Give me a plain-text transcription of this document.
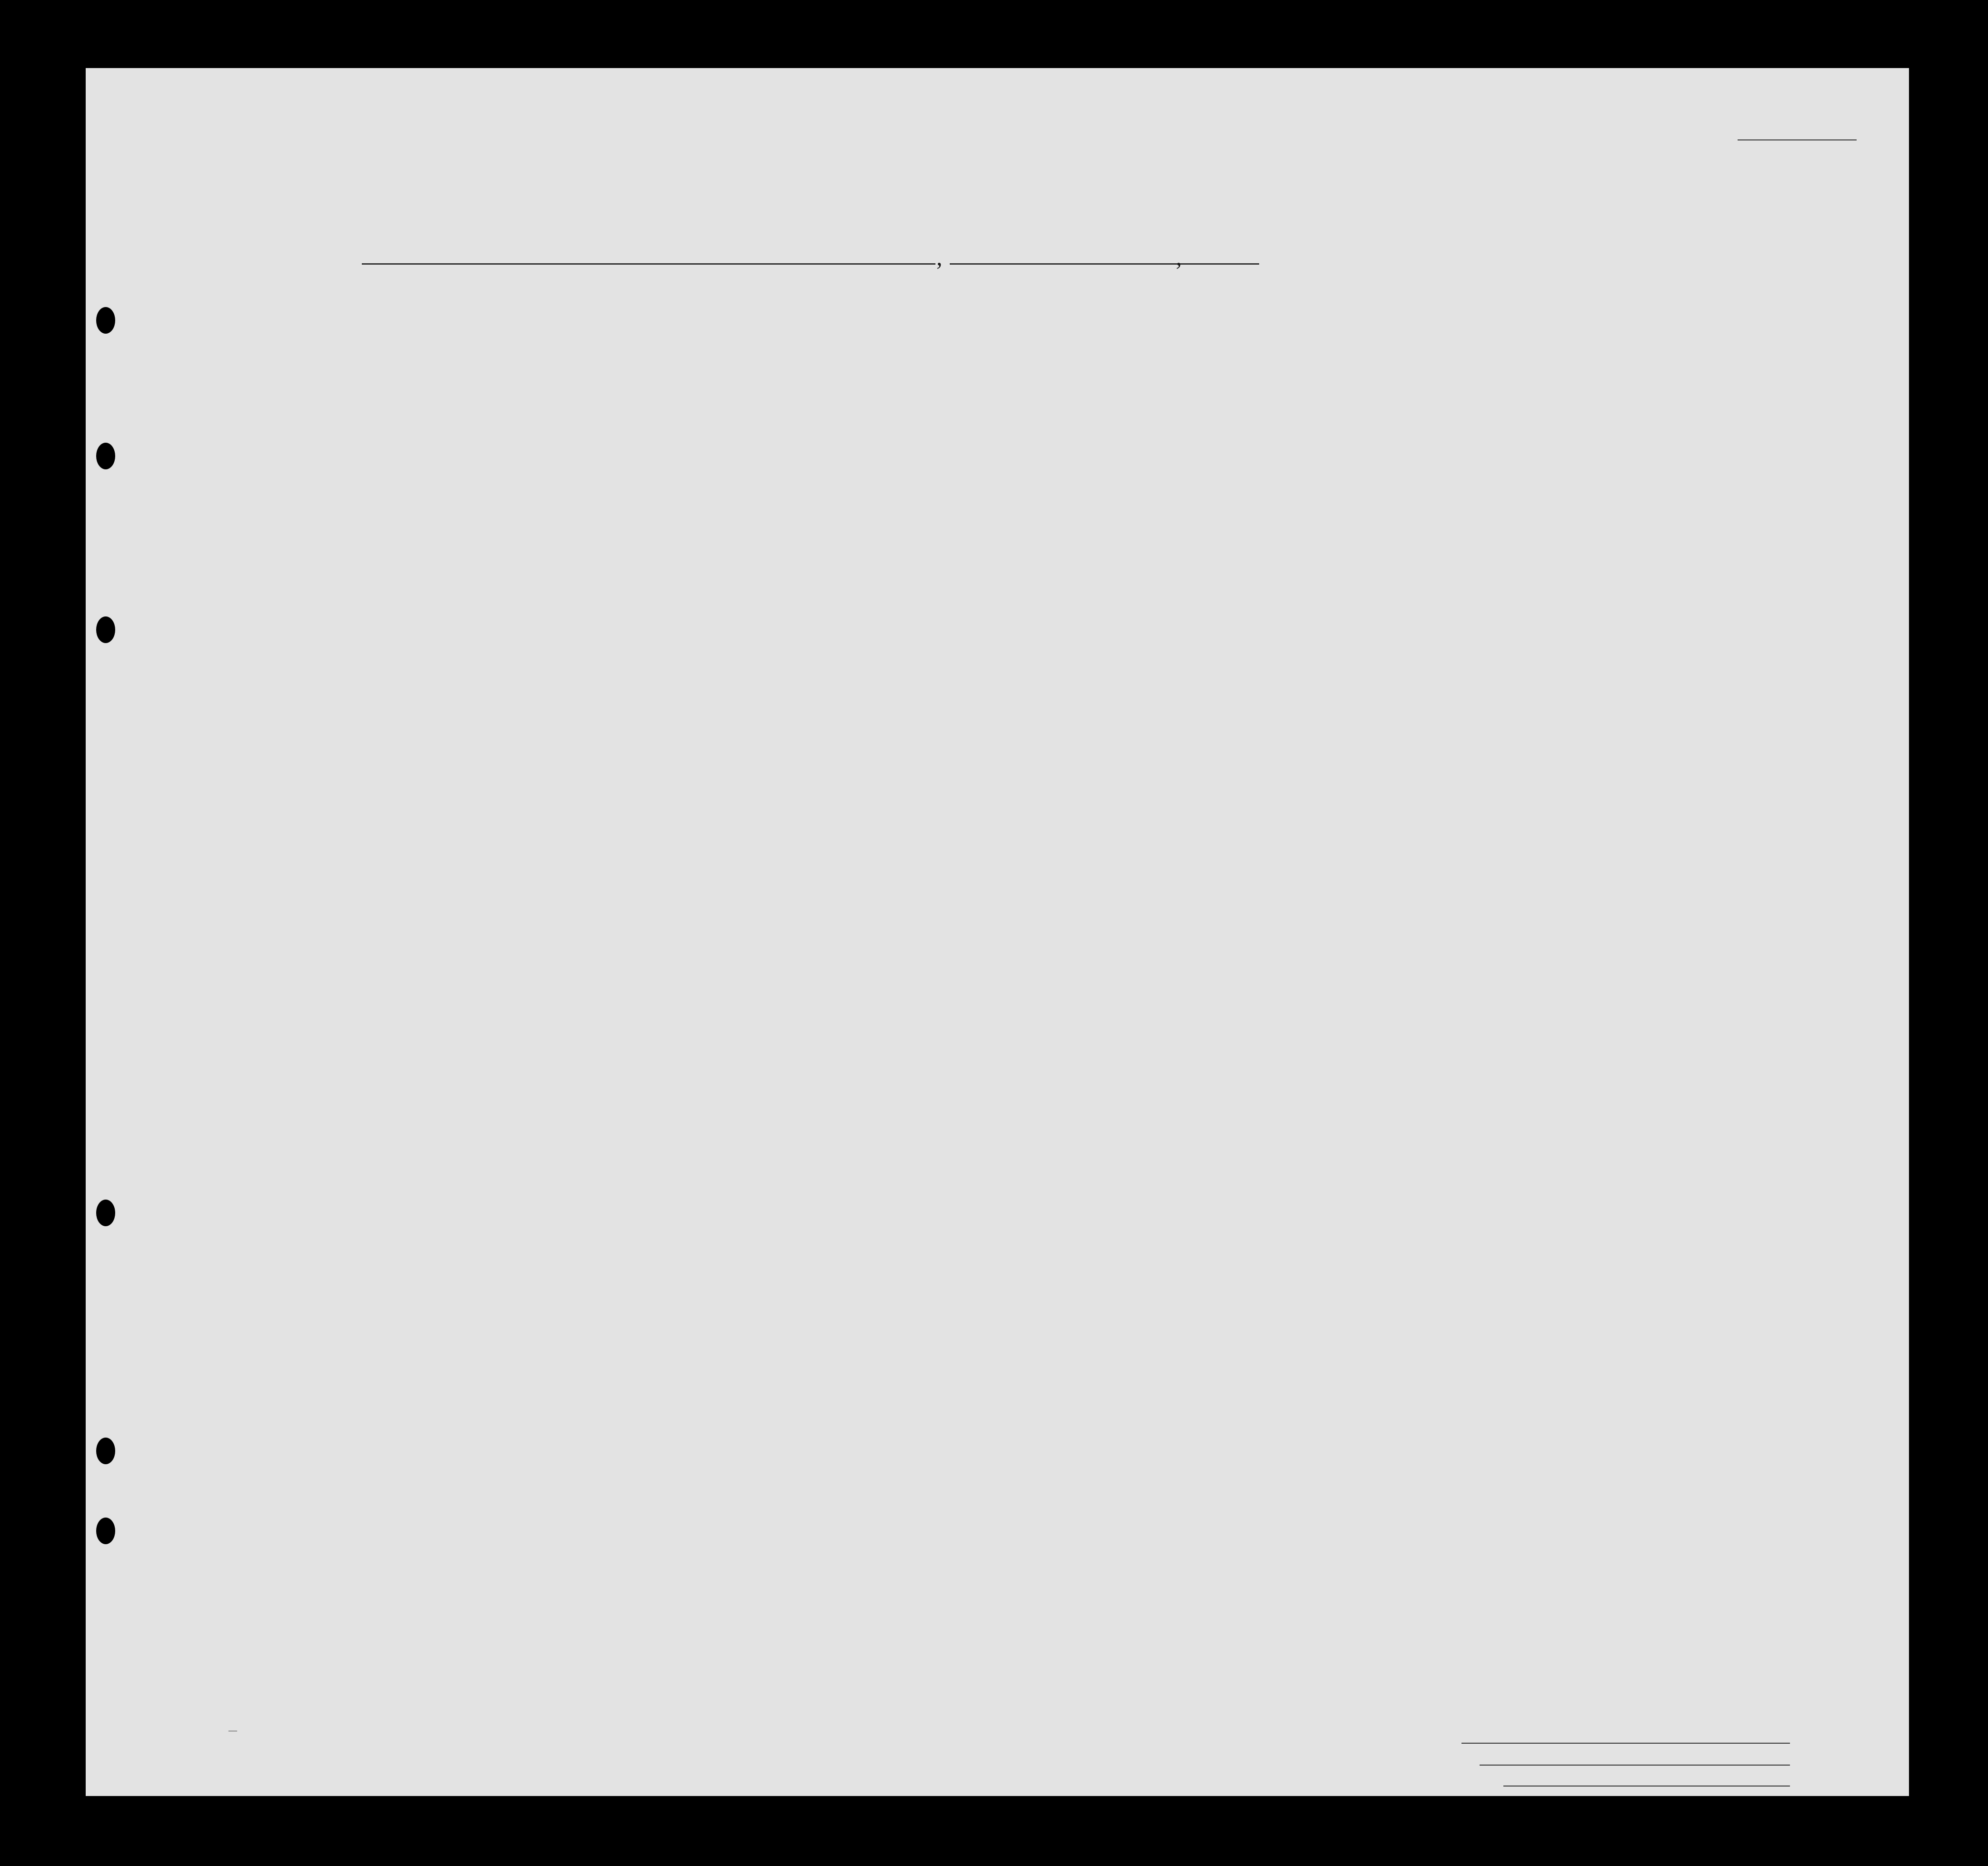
,	,
—
